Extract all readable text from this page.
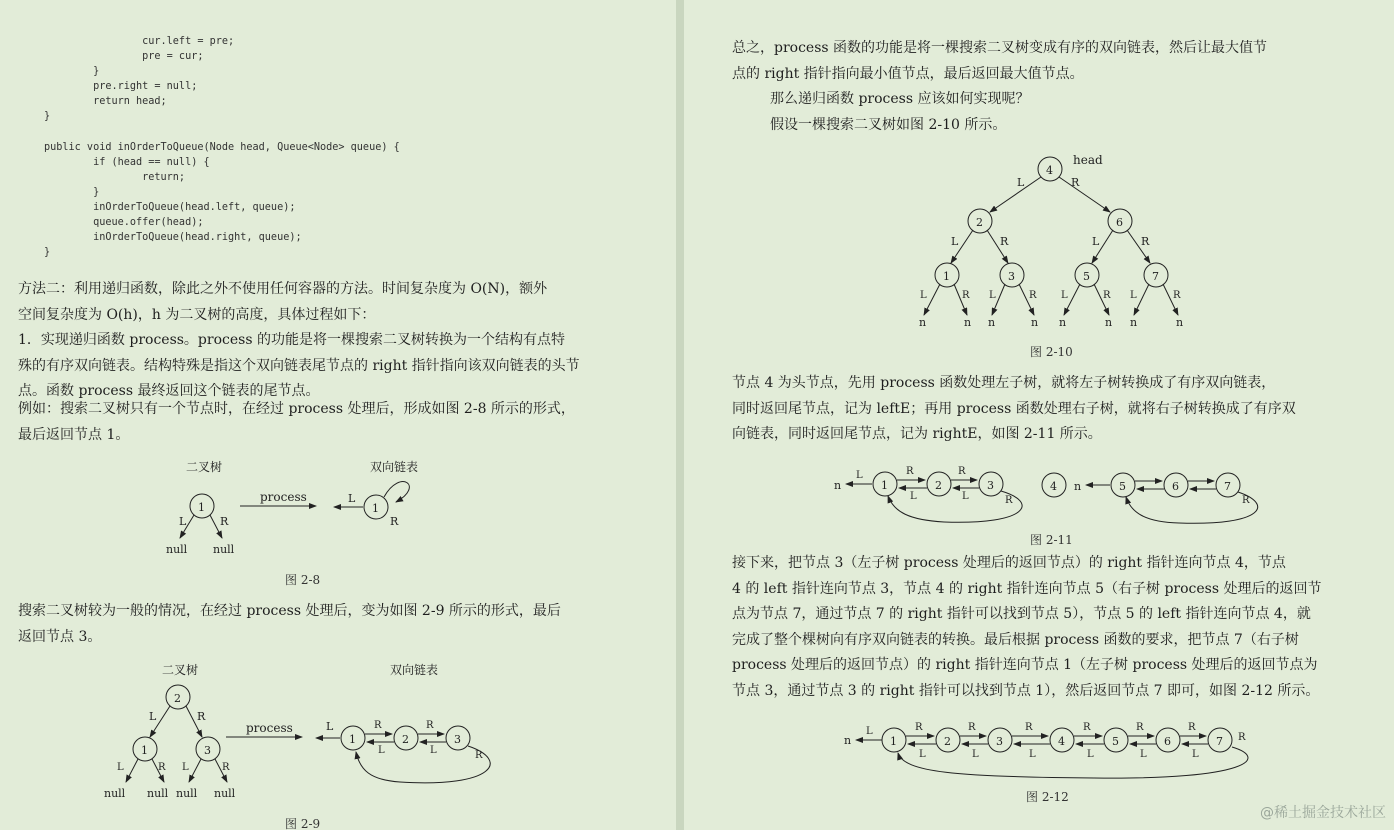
cur.left = pre;
pre = cur;
}
pre.right = null;
return head;
}
public void inOrderToQueue(Node head, Queue<Node> queue) {
if (head == null) {
return;
}
inOrderToQueue(head.left, queue);
queue.offer(head);
inOrderToQueue(head.right, queue);
}
方法二：利用递归函数，除此之外不使用任何容器的方法。时间复杂度为 O(N)，额外
空间复杂度为 O(h)，h 为二叉树的高度，具体过程如下：
1．实现递归函数 process。process 的功能是将一棵搜索二叉树转换为一个结构有点特
殊的有序双向链表。结构特殊是指这个双向链表尾节点的 right 指针指向该双向链表的头节
点。函数 process 最终返回这个链表的尾节点。
例如：搜索二叉树只有一个节点时，在经过 process 处理后，形成如图 2-8 所示的形式，
最后返回节点 1。
二叉树	双向链表
1
L	R
null null
process
1
L
R
图 2-8
搜索二叉树较为一般的情况，在经过 process 处理后，变为如图 2-9 所示的形式，最后
返回节点 3。
二叉树	双向链表
2
L	R
1	3
L	R L	R
null null null null
process
1	2	3
L	R
L
R
L	R
图 2-9
总之，process 函数的功能是将一棵搜索二叉树变成有序的双向链表，然后让最大值节
点的 right 指针指向最小值节点，最后返回最大值节点。
那么递归函数 process 应该如何实现呢？
假设一棵搜索二叉树如图 2-10 所示。
4
head
L	R
2	6
L	R	L	R
1	3	5	7
L	R L	R L	R L	R
n	n n	n n	n n	n
图 2-10
节点 4 为头节点，先用 process 函数处理左子树，就将左子树转换成了有序双向链表，
同时返回尾节点，记为 leftE；再用 process 函数处理右子树，就将右子树转换成了有序双
向链表，同时返回尾节点，记为 rightE，如图 2-11 所示。
n	1	2	3
L	R
L
R
L	R
4 n	5	6	7
R
图 2-11
接下来，把节点 3（左子树 process 处理后的返回节点）的 right 指针连向节点 4，节点
4 的 left 指针连向节点 3，节点 4 的 right 指针连向节点 5（右子树 process 处理后的返回节
点为节点 7，通过节点 7 的 right 指针可以找到节点 5），节点 5 的 left 指针连向节点 4，就
完成了整个棵树向有序双向链表的转换。最后根据 process 函数的要求，把节点 7（右子树
process 处理后的返回节点）的 right 指针连向节点 1（左子树 process 处理后的返回节点为
节点 3，通过节点 3 的 right 指针可以找到节点 1），然后返回节点 7 即可，如图 2-12 所示。
n
L
1
R
L
2
R
L
3
R
L
4
R
L
5
R
L
6
R
L
7 R
图 2-12
@稀土掘金技术社区
